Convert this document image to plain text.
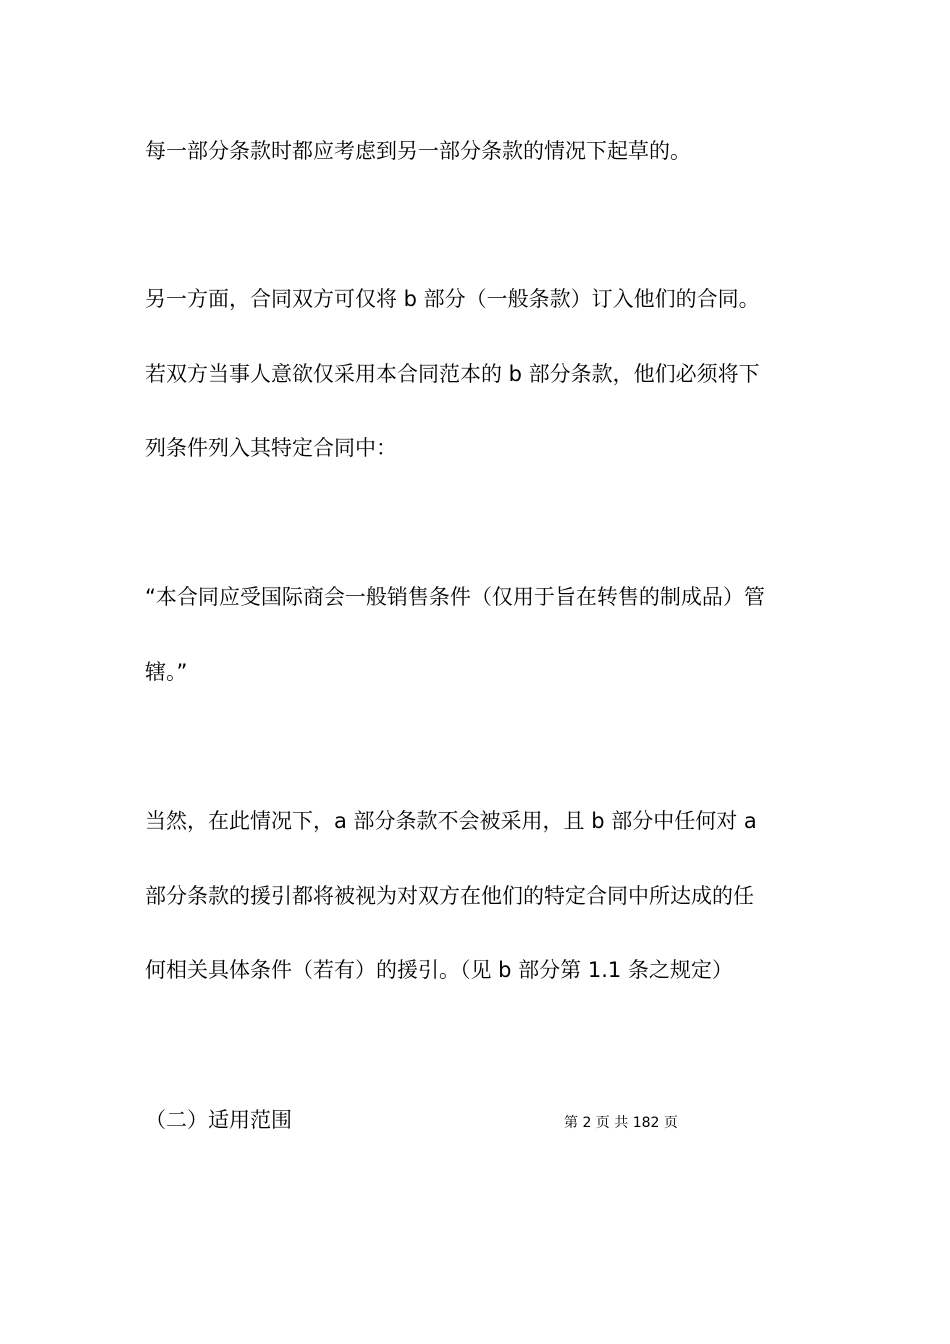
每一部分条款时都应考虑到另一部分条款的情况下起草的。
另一方面，合同双方可仅将 b 部分（一般条款）订入他们的合同。
若双方当事人意欲仅采用本合同范本的 b 部分条款，他们必须将下
列条件列入其特定合同中：
“本合同应受国际商会一般销售条件（仅用于旨在转售的制成品）管
辖。”
当然，在此情况下，a 部分条款不会被采用，且 b 部分中任何对 a
部分条款的援引都将被视为对双方在他们的特定合同中所达成的任
何相关具体条件（若有）的援引。（见 b 部分第 1.1 条之规定）
（二）适用范围	第 2 页 共 182 页
